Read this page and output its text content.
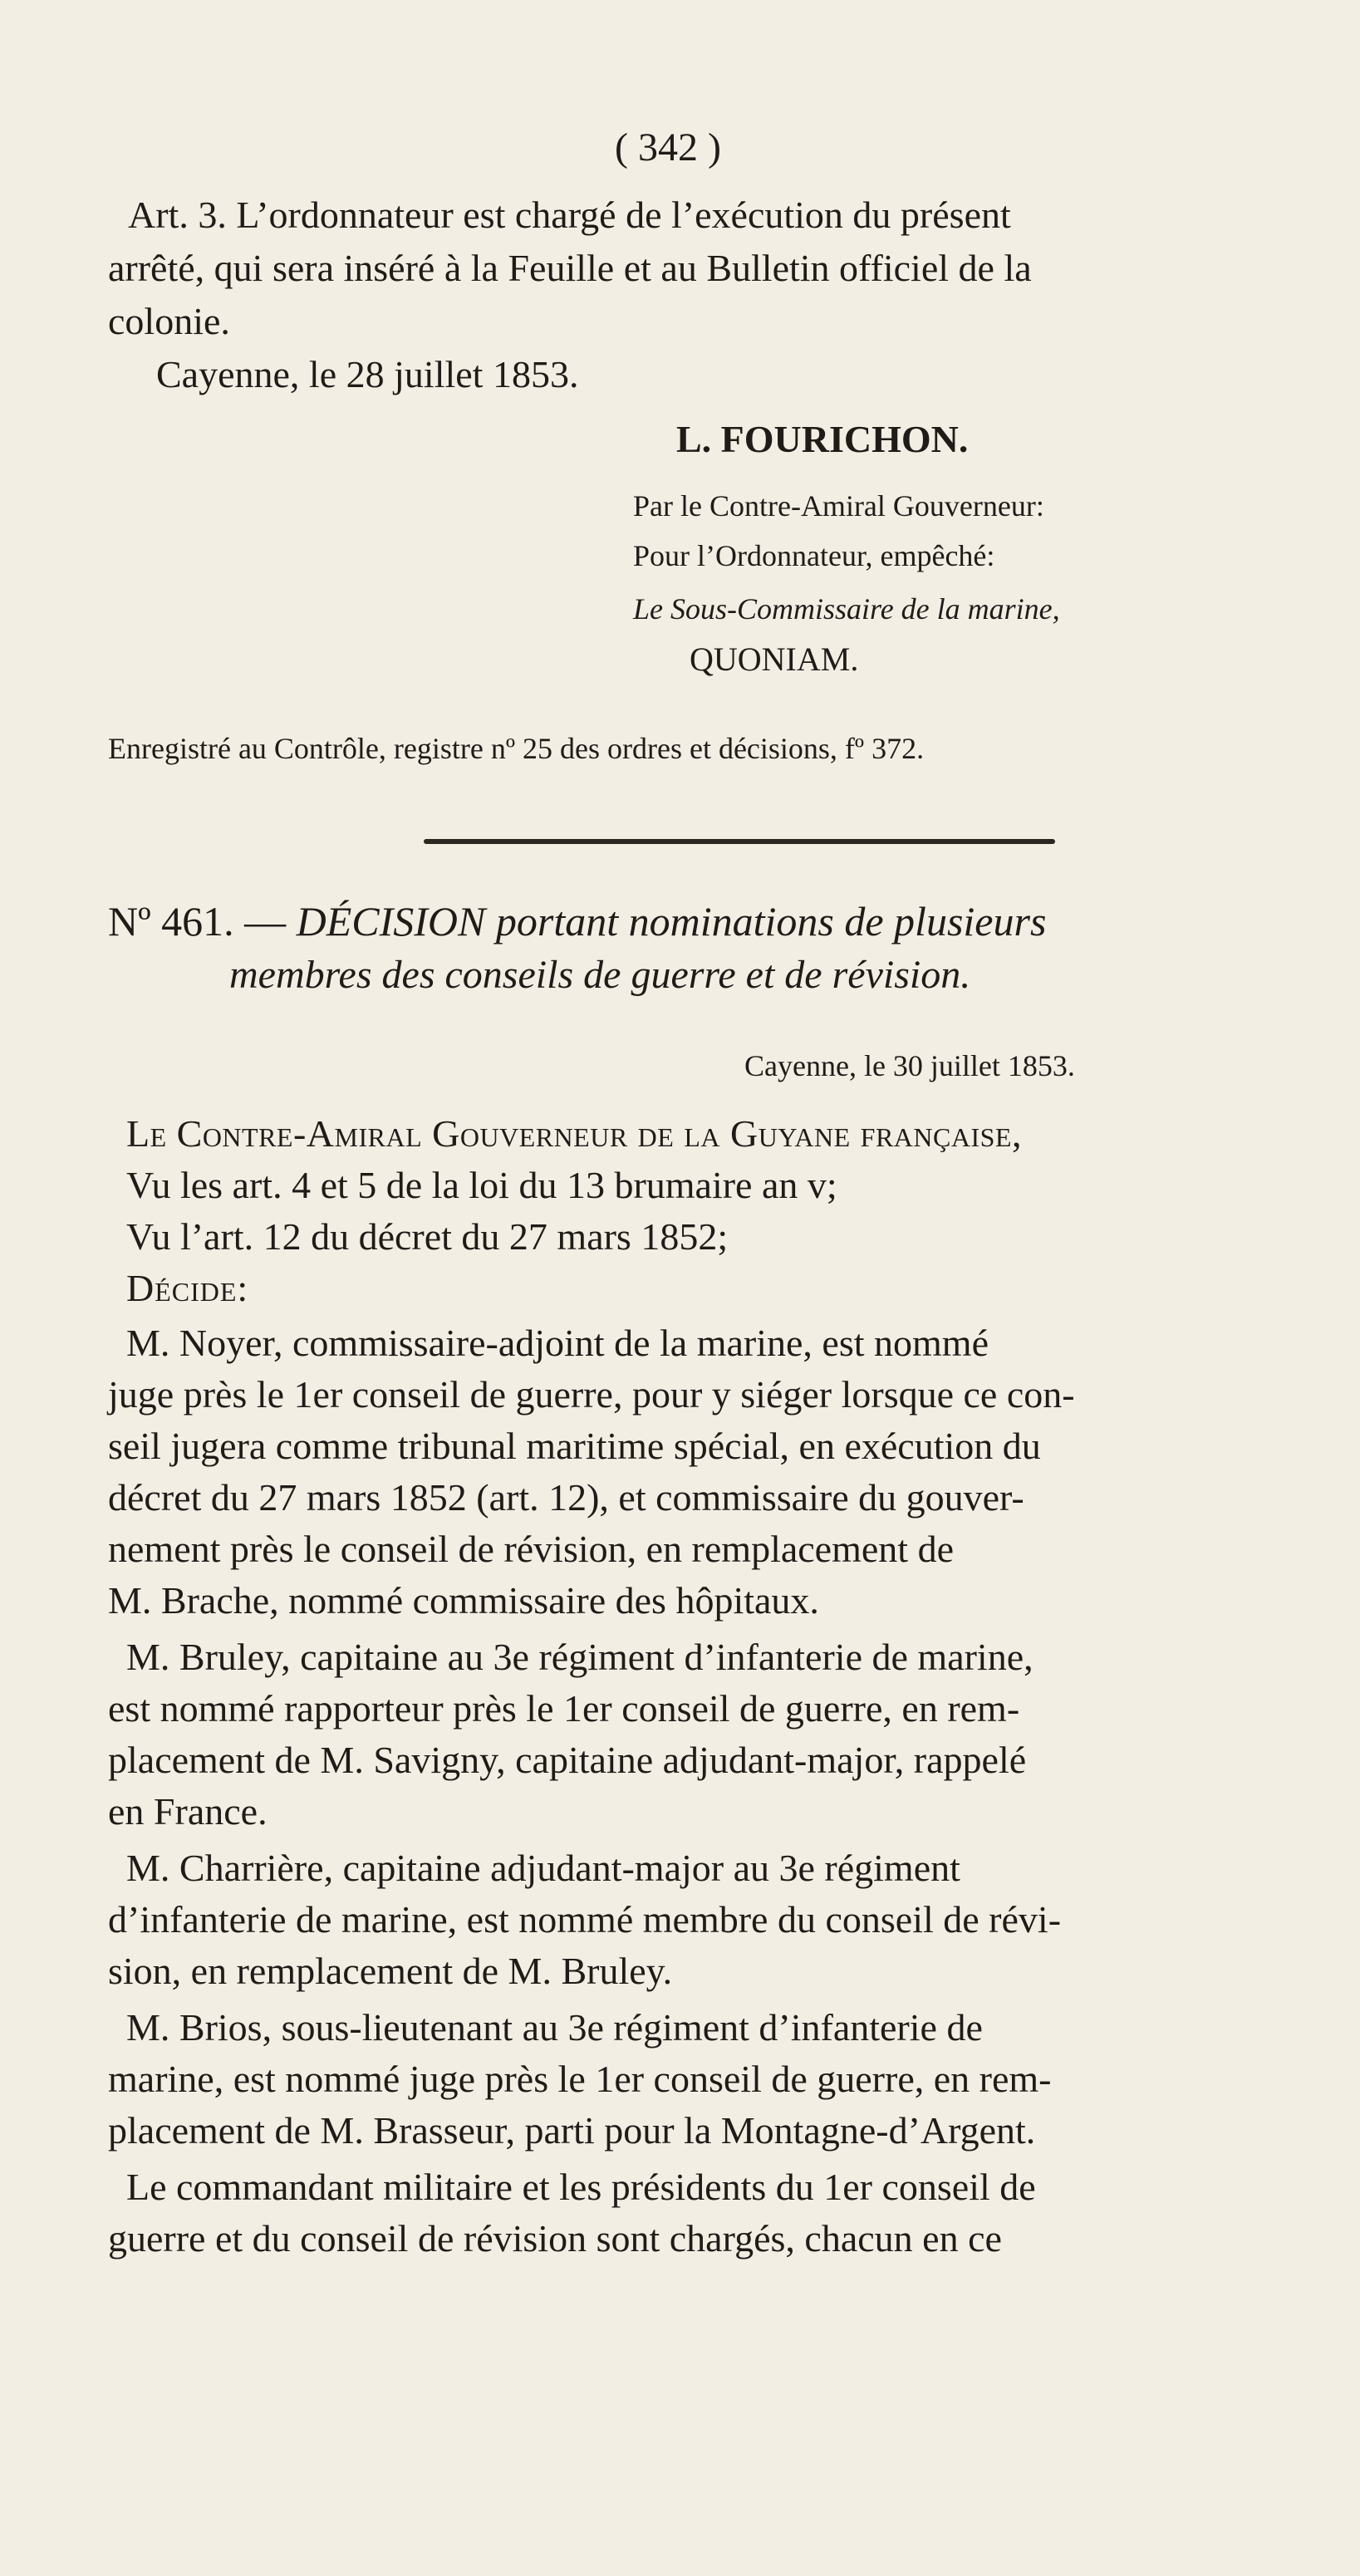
( 342 )
Art. 3. L’ordonnateur est chargé de l’exécution du présent
arrêté, qui sera inséré à la Feuille et au Bulletin officiel de la
colonie.
Cayenne, le 28 juillet 1853.
L. FOURICHON.
Par le Contre-Amiral Gouverneur:
Pour l’Ordonnateur, empêché:
Le Sous-Commissaire de la marine,
QUONIAM.
Enregistré au Contrôle, registre nº 25 des ordres et décisions, fº 372.
Nº 461. — DÉCISION portant nominations de plusieurs
membres des conseils de guerre et de révision.
Cayenne, le 30 juillet 1853.
Le Contre-Amiral Gouverneur de la Guyane française,
Vu les art. 4 et 5 de la loi du 13 brumaire an v;
Vu l’art. 12 du décret du 27 mars 1852;
Décide:
M. Noyer, commissaire-adjoint de la marine, est nommé
juge près le 1er conseil de guerre, pour y siéger lorsque ce con-
seil jugera comme tribunal maritime spécial, en exécution du
décret du 27 mars 1852 (art. 12), et commissaire du gouver-
nement près le conseil de révision, en remplacement de
M. Brache, nommé commissaire des hôpitaux.
M. Bruley, capitaine au 3e régiment d’infanterie de marine,
est nommé rapporteur près le 1er conseil de guerre, en rem-
placement de M. Savigny, capitaine adjudant-major, rappelé
en France.
M. Charrière, capitaine adjudant-major au 3e régiment
d’infanterie de marine, est nommé membre du conseil de révi-
sion, en remplacement de M. Bruley.
M. Brios, sous-lieutenant au 3e régiment d’infanterie de
marine, est nommé juge près le 1er conseil de guerre, en rem-
placement de M. Brasseur, parti pour la Montagne-d’Argent.
Le commandant militaire et les présidents du 1er conseil de
guerre et du conseil de révision sont chargés, chacun en ce
